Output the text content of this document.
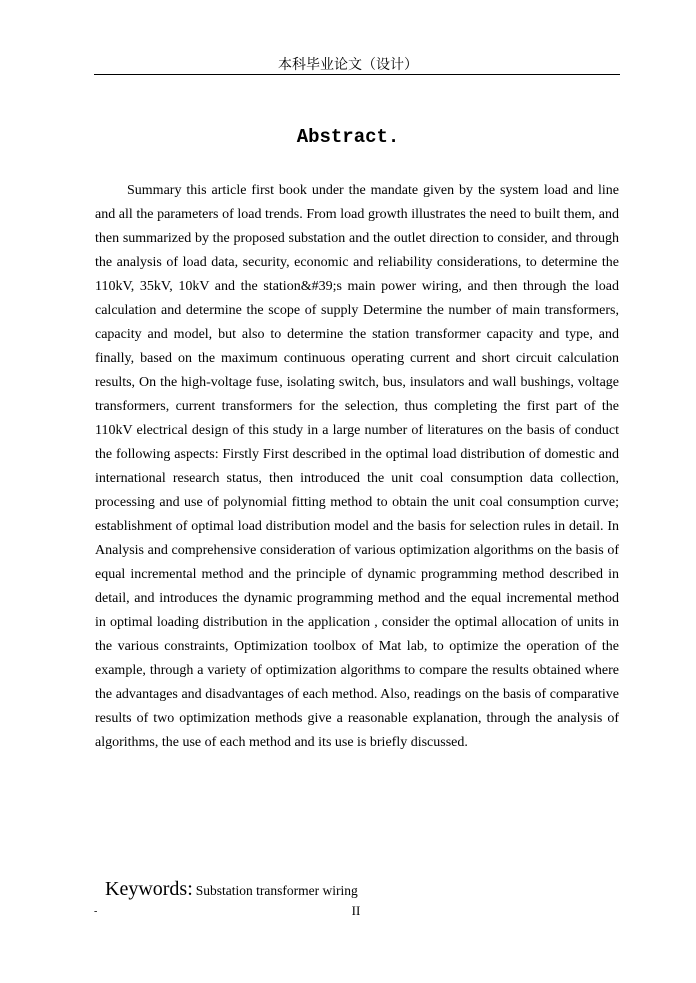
本科毕业论文（设计）
Abstract.

Summary this article first book under the mandate given by the system load and line and all the parameters of load trends. From load growth illustrates the need to built them, and then summarized by the proposed substation and the outlet direction to consider, and through the analysis of load data, security, economic and reliability considerations, to determine the 110kV, 35kV, 10kV and the station&#39;s main power wiring, and then through the load calculation and determine the scope of supply Determine the number of main transformers, capacity and model, but also to determine the station transformer capacity and type, and finally, based on the maximum continuous operating current and short circuit calculation results, On the high-voltage fuse, isolating switch, bus, insulators and wall bushings, voltage transformers, current transformers for the selection, thus completing the first part of the 110kV electrical design of this study in a large number of literatures on the basis of conduct the following aspects: Firstly First described in the optimal load distribution of domestic and international research status, then introduced the unit coal consumption data collection, processing and use of polynomial fitting method to obtain the unit coal consumption curve; establishment of optimal load distribution model and the basis for selection rules in detail. In Analysis and comprehensive consideration of various optimization algorithms on the basis of equal incremental method and the principle of dynamic programming method described in detail, and introduces the dynamic programming method and the equal incremental method in optimal loading distribution in the application , consider the optimal allocation of units in the various constraints, Optimization toolbox of Mat lab, to optimize the operation of the example, through a variety of optimization algorithms to compare the results obtained where the advantages and disadvantages of each method. Also, readings on the basis of comparative results of two optimization methods give a reasonable explanation, through the analysis of algorithms, the use of each method and its use is briefly discussed.

Keywords: Substation transformer wiring
-	II
